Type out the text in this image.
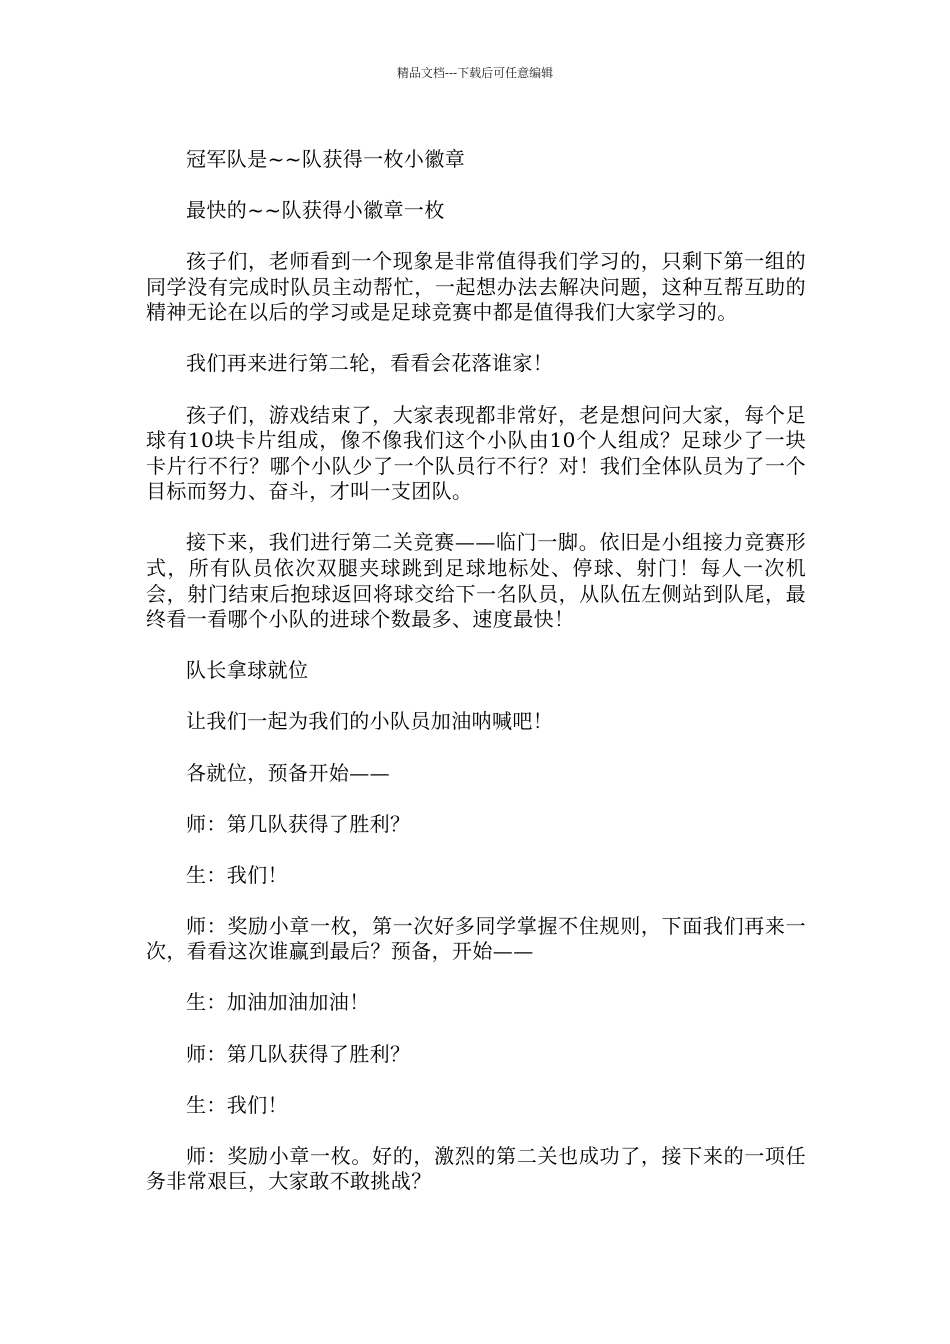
精品文档---下载后可任意编辑

冠军队是~~队获得一枚小徽章

最快的~~队获得小徽章一枚

孩子们，老师看到一个现象是非常值得我们学习的，只剩下第一组的同学没有完成时队员主动帮忙，一起想办法去解决问题，这种互帮互助的精神无论在以后的学习或是足球竞赛中都是值得我们大家学习的。

我们再来进行第二轮，看看会花落谁家！

孩子们，游戏结束了，大家表现都非常好，老是想问问大家，每个足球有10块卡片组成，像不像我们这个小队由10个人组成？足球少了一块卡片行不行？哪个小队少了一个队员行不行？对！我们全体队员为了一个目标而努力、奋斗，才叫一支团队。

接下来，我们进行第二关竞赛——临门一脚。依旧是小组接力竞赛形式，所有队员依次双腿夹球跳到足球地标处、停球、射门！每人一次机会，射门结束后抱球返回将球交给下一名队员，从队伍左侧站到队尾，最终看一看哪个小队的进球个数最多、速度最快！

队长拿球就位

让我们一起为我们的小队员加油呐喊吧！

各就位，预备开始——

师：第几队获得了胜利？

生：我们！

师：奖励小章一枚，第一次好多同学掌握不住规则，下面我们再来一次，看看这次谁赢到最后？预备，开始——

生：加油加油加油！

师：第几队获得了胜利？

生：我们！

师：奖励小章一枚。好的，激烈的第二关也成功了，接下来的一项任务非常艰巨，大家敢不敢挑战？
